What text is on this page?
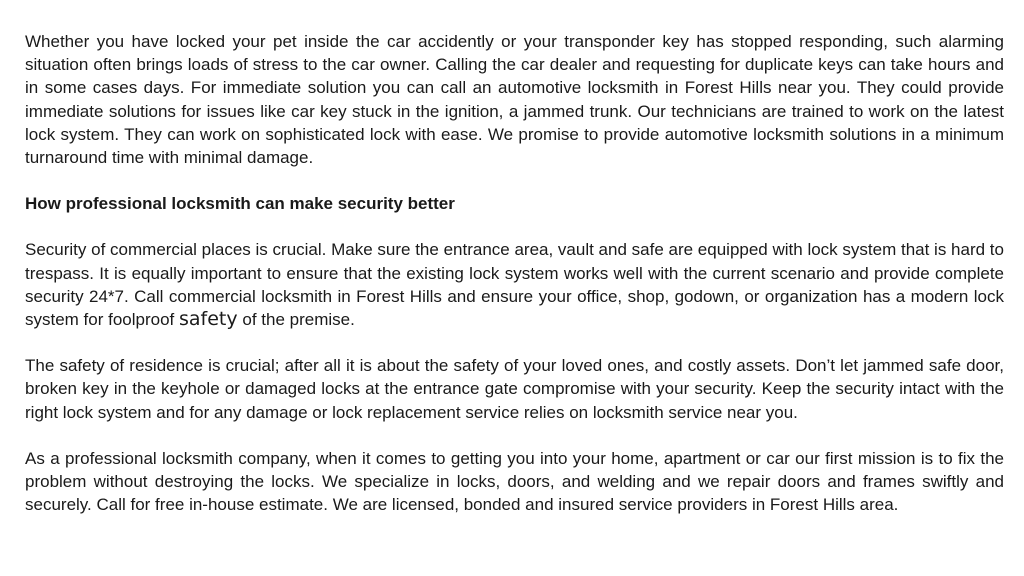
Whether you have locked your pet inside the car accidently or your transponder key has stopped responding, such alarming situation often brings loads of stress to the car owner. Calling the car dealer and requesting for duplicate keys can take hours and in some cases days. For immediate solution you can call an automotive locksmith in Forest Hills near you. They could provide immediate solutions for issues like car key stuck in the ignition, a jammed trunk. Our technicians are trained to work on the latest lock system. They can work on sophisticated lock with ease. We promise to provide automotive locksmith solutions in a minimum turnaround time with minimal damage.

How professional locksmith can make security better

Security of commercial places is crucial. Make sure the entrance area, vault and safe are equipped with lock system that is hard to trespass. It is equally important to ensure that the existing lock system works well with the current scenario and provide complete security 24*7. Call commercial locksmith in Forest Hills and ensure your office, shop, godown, or organization has a modern lock system for foolproof safety of the premise.

The safety of residence is crucial; after all it is about the safety of your loved ones, and costly assets. Don’t let jammed safe door, broken key in the keyhole or damaged locks at the entrance gate compromise with your security. Keep the security intact with the right lock system and for any damage or lock replacement service relies on locksmith service near you.

As a professional locksmith company, when it comes to getting you into your home, apartment or car our first mission is to fix the problem without destroying the locks. We specialize in locks, doors, and welding and we repair doors and frames swiftly and securely. Call for free in-house estimate. We are licensed, bonded and insured service providers in Forest Hills area.
